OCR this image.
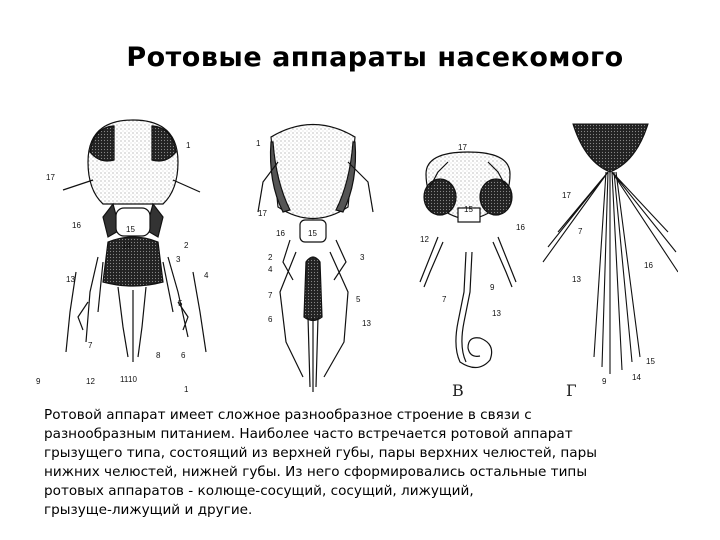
Ротовые аппараты насекомого
1
17
16	15
14	2
3
4
13
5
8	6
7
12	11 10
9
1
1
17
16	15
2
4
3
7
6
5
13
В
17
15
16
12
9
7
13
Г
17
7
16
13
9	14
15

Ротовой аппарат имеет сложное разнообразное строение в связи с
разнообразным питанием. Наиболее часто встречается ротовой аппарат
грызущего типа, состоящий из верхней губы, пары верхних челюстей, пары
нижних челюстей, нижней губы. Из него сформировались остальные типы
ротовых аппаратов - колюще-сосущий, сосущий, лижущий,
грызуще-лижущий и другие.
